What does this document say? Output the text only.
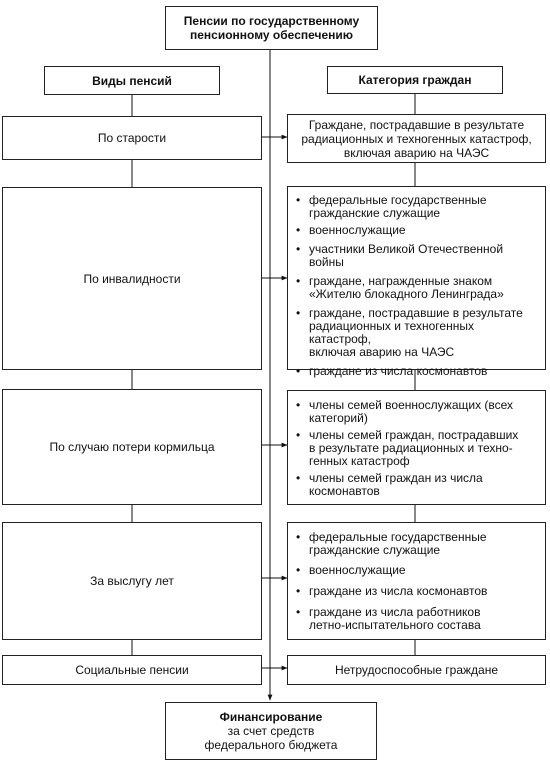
Пенсии по государственному
пенсионному обеспечению
Виды пенсий	Категория граждан
По старости
По инвалидности
По случаю потери кормильца
За выслугу лет
Социальные пенсии
Граждане, пострадавшие в результате
радиационных и техногенных катастроф,
включая аварию на ЧАЭС
• федеральные государственные
гражданские служащие
• военнослужащие
• участники Великой Отечественной войны
• граждане, награжденные знаком
«Жителю блокадного Ленинграда»
• граждане, пострадавшие в результате
радиационных и техногенных катастроф,
включая аварию на ЧАЭС
• граждане из числа космонавтов
• члены семей военнослужащих (всех
категорий)
• члены семей граждан, пострадавших
в результате радиационных и техно-
генных катастроф
• члены семей граждан из числа
космонавтов
• федеральные государственные
гражданские служащие
• военнослужащие
• граждане из числа космонавтов
• граждане из числа работников
летно-испытательного состава
Нетрудоспособные граждане
Финансирование
за счет средств
федерального бюджета
